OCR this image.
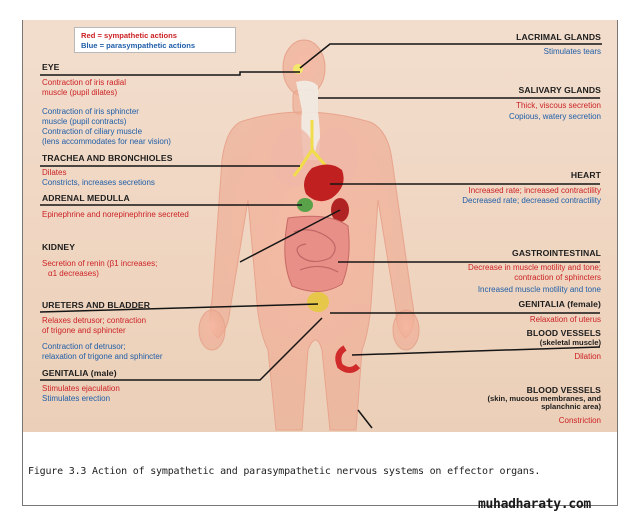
Red = sympathetic actions
Blue = parasympathetic actions
EYE
Contraction of iris radial
muscle (pupil dilates)
Contraction of iris sphincter
muscle (pupil contracts)
Contraction of ciliary muscle
(lens accommodates for near vision)
TRACHEA AND BRONCHIOLES
Dilates
Constricts, increases secretions
ADRENAL MEDULLA
Epinephrine and norepinephrine secreted
KIDNEY
Secretion of renin (β1 increases;
α1 decreases)
URETERS AND BLADDER
Relaxes detrusor; contraction
of trigone and sphincter
Contraction of detrusor;
relaxation of trigone and sphincter
GENITALIA (male)
Stimulates ejaculation
Stimulates erection
LACRIMAL GLANDS
Stimulates tears
SALIVARY GLANDS
Thick, viscous secretion
Copious, watery secretion
HEART
Increased rate; increased contractility
Decreased rate; decreased contractility
GASTROINTESTINAL
Decrease in muscle motility and tone;
contraction of sphincters
Increased muscle motility and tone
GENITALIA (female)
Relaxation of uterus
BLOOD VESSELS
(skeletal muscle)
Dilation
BLOOD VESSELS
(skin, mucous membranes, and
splanchnic area)
Constriction
Figure 3.3 Action of sympathetic and parasympathetic nervous systems on effector organs.
muhadharaty.com
